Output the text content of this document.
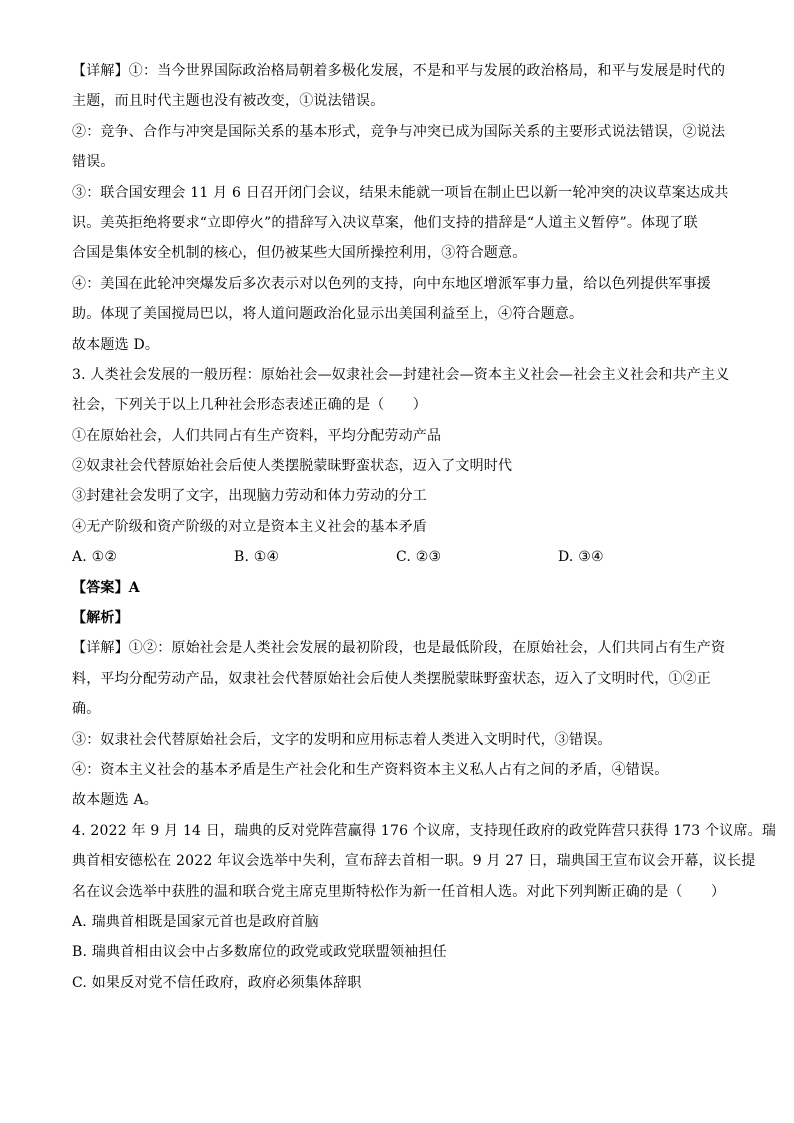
【详解】①：当今世界国际政治格局朝着多极化发展，不是和平与发展的政治格局，和平与发展是时代的
主题，而且时代主题也没有被改变，①说法错误。
②：竞争、合作与冲突是国际关系的基本形式，竞争与冲突已成为国际关系的主要形式说法错误，②说法
错误。
③：联合国安理会 11 月 6 日召开闭门会议，结果未能就一项旨在制止巴以新一轮冲突的决议草案达成共
识。美英拒绝将要求“立即停火”的措辞写入决议草案，他们支持的措辞是“人道主义暂停”。体现了联
合国是集体安全机制的核心，但仍被某些大国所操控利用，③符合题意。
④：美国在此轮冲突爆发后多次表示对以色列的支持，向中东地区增派军事力量，给以色列提供军事援
助。体现了美国搅局巴以，将人道问题政治化显示出美国利益至上，④符合题意。
故本题选 D。
3. 人类社会发展的一般历程：原始社会—奴隶社会—封建社会—资本主义社会—社会主义社会和共产主义
社会，下列关于以上几种社会形态表述正确的是（　　）
①在原始社会，人们共同占有生产资料，平均分配劳动产品
②奴隶社会代替原始社会后使人类摆脱蒙昧野蛮状态，迈入了文明时代
③封建社会发明了文字，出现脑力劳动和体力劳动的分工
④无产阶级和资产阶级的对立是资本主义社会的基本矛盾
A. ①②	B. ①④	C. ②③	D. ③④
【答案】A
【解析】
【详解】①②：原始社会是人类社会发展的最初阶段，也是最低阶段，在原始社会，人们共同占有生产资
料，平均分配劳动产品，奴隶社会代替原始社会后使人类摆脱蒙昧野蛮状态，迈入了文明时代，①②正
确。
③：奴隶社会代替原始社会后，文字的发明和应用标志着人类进入文明时代，③错误。
④：资本主义社会的基本矛盾是生产社会化和生产资料资本主义私人占有之间的矛盾，④错误。
故本题选 A。
4. 2022 年 9 月 14 日，瑞典的反对党阵营赢得 176 个议席，支持现任政府的政党阵营只获得 173 个议席。瑞
典首相安德松在 2022 年议会选举中失利，宣布辞去首相一职。9 月 27 日，瑞典国王宣布议会开幕，议长提
名在议会选举中获胜的温和联合党主席克里斯特松作为新一任首相人选。对此下列判断正确的是（　　）
A. 瑞典首相既是国家元首也是政府首脑
B. 瑞典首相由议会中占多数席位的政党或政党联盟领袖担任
C. 如果反对党不信任政府，政府必须集体辞职
